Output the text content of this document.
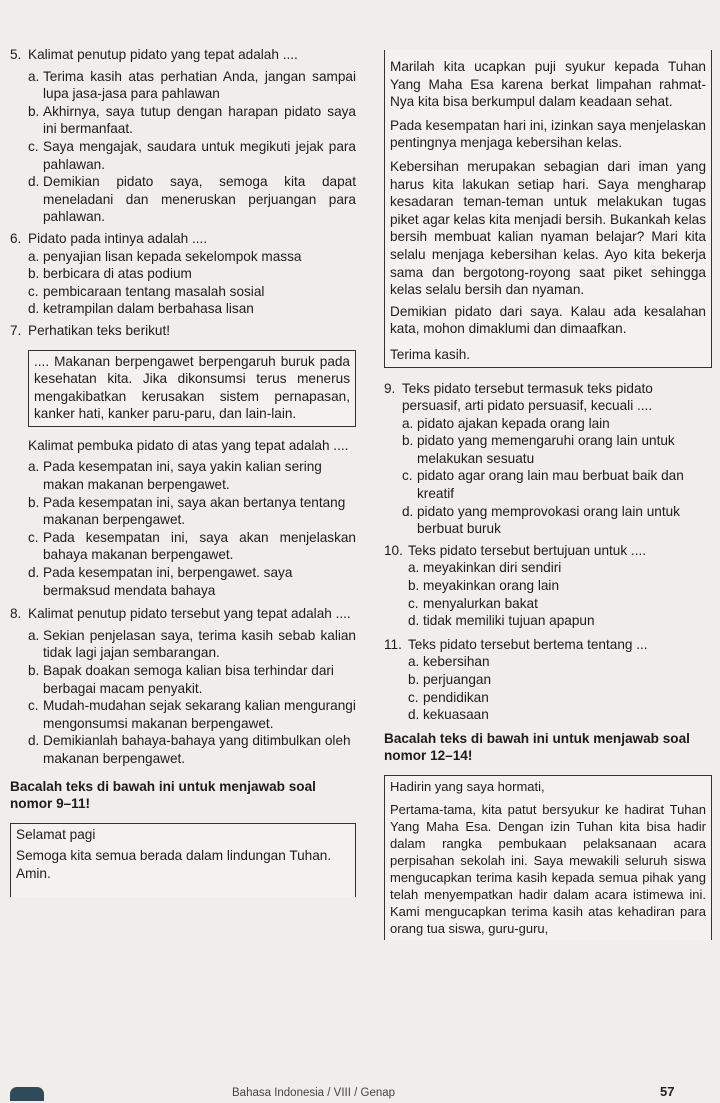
5. Kalimat penutup pidato yang tepat adalah ....
a. Terima kasih atas perhatian Anda, jangan sampai lupa jasa-jasa para pahlawan
b. Akhirnya, saya tutup dengan harapan pidato saya ini bermanfaat.
c. Saya mengajak, saudara untuk megikuti jejak para pahlawan.
d. Demikian pidato saya, semoga kita dapat meneladani dan meneruskan perjuangan para pahlawan.
6. Pidato pada intinya adalah ....
a. penyajian lisan kepada sekelompok massa
b. berbicara di atas podium
c. pembicaraan tentang masalah sosial
d. ketrampilan dalam berbahasa lisan
7. Perhatikan teks berikut!

.... Makanan berpengawet berpengaruh buruk pada kesehatan kita. Jika dikonsumsi terus menerus mengakibatkan kerusakan sistem pernapasan, kanker hati, kanker paru-paru, dan lain-lain.

Kalimat pembuka pidato di atas yang tepat adalah ....

a. Pada kesempatan ini, saya yakin kalian sering makan makanan berpengawet.
b. Pada kesempatan ini, saya akan bertanya tentang makanan berpengawet.
c. Pada kesempatan ini, saya akan menjelaskan bahaya makanan berpengawet.
d. Pada kesempatan ini, berpengawet. saya bermaksud mendata bahaya
8. Kalimat penutup pidato tersebut yang tepat adalah ....
a. Sekian penjelasan saya, terima kasih sebab kalian tidak lagi jajan sembarangan.
b. Bapak doakan semoga kalian bisa terhindar dari berbagai macam penyakit.
c. Mudah-mudahan sejak sekarang kalian mengurangi mengonsumsi makanan berpengawet.
d. Demikianlah bahaya-bahaya yang ditimbulkan oleh makanan berpengawet.

Bacalah teks di bawah ini untuk menjawab soal nomor 9–11!

Selamat pagi

Semoga kita semua berada dalam lindungan Tuhan. Amin.

Marilah kita ucapkan puji syukur kepada Tuhan Yang Maha Esa karena berkat limpahan rahmat-Nya kita bisa berkumpul dalam keadaan sehat.

Pada kesempatan hari ini, izinkan saya menjelaskan pentingnya menjaga kebersihan kelas.

Kebersihan merupakan sebagian dari iman yang harus kita lakukan setiap hari. Saya mengharap kesadaran teman-teman untuk melakukan tugas piket agar kelas kita menjadi bersih. Bukankah kelas bersih membuat kalian nyaman belajar? Mari kita selalu menjaga kebersihan kelas. Ayo kita bekerja sama dan bergotong-royong saat piket sehingga kelas selalu bersih dan nyaman.

Demikian pidato dari saya. Kalau ada kesalahan kata, mohon dimaklumi dan dimaafkan.

Terima kasih.

9. Teks pidato tersebut termasuk teks pidato persuasif, arti pidato persuasif, kecuali ....
a. pidato ajakan kepada orang lain
b. pidato yang memengaruhi orang lain untuk melakukan sesuatu
c. pidato agar orang lain mau berbuat baik dan kreatif
d. pidato yang memprovokasi orang lain untuk berbuat buruk
10. Teks pidato tersebut bertujuan untuk ....
a. meyakinkan diri sendiri
b. meyakinkan orang lain
c. menyalurkan bakat
d. tidak memiliki tujuan apapun
11. Teks pidato tersebut bertema tentang ...
a. kebersihan
b. perjuangan
c. pendidikan
d. kekuasaan

Bacalah teks di bawah ini untuk menjawab soal nomor 12–14!

Hadirin yang saya hormati,

Pertama-tama, kita patut bersyukur ke hadirat Tuhan Yang Maha Esa. Dengan izin Tuhan kita bisa hadir dalam rangka pembukaan pelaksanaan acara perpisahan sekolah ini. Saya mewakili seluruh siswa mengucapkan terima kasih kepada semua pihak yang telah menyempatkan hadir dalam acara istimewa ini. Kami mengucapkan terima kasih atas kehadiran para orang tua siswa, guru-guru,

Bahasa Indonesia / VIII / Genap	57
